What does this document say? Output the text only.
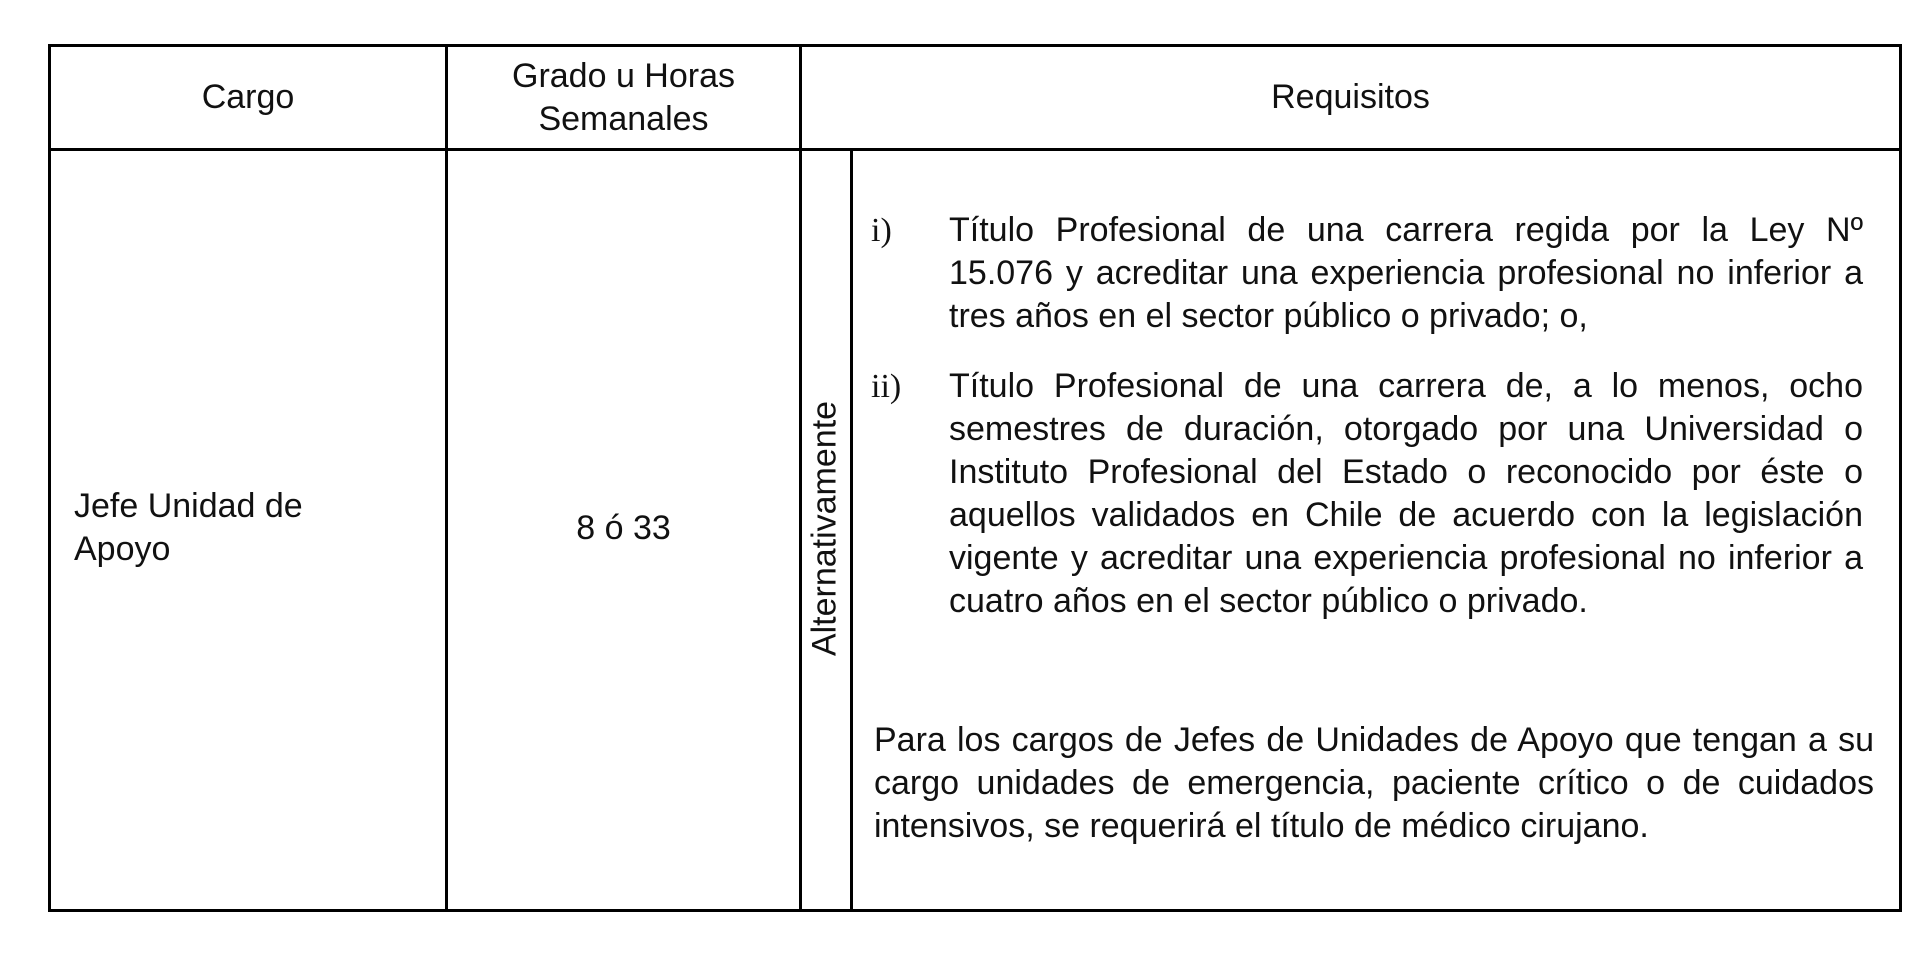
Cargo
Grado u Horas
Semanales
Requisitos
Jefe Unidad de
Apoyo
8 ó 33	Alternativamente
i) Título Profesional de una carrera regida por la Ley Nº 15.076 y acreditar una experiencia profesional no inferior a tres años en el sector público o privado; o,
ii) Título Profesional de una carrera de, a lo menos, ocho semestres de duración, otorgado por una Universidad o Instituto Profesional del Estado o reconocido por éste o aquellos validados en Chile de acuerdo con la legislación vigente y acreditar una experiencia profesional no inferior a cuatro años en el sector público o privado.
Para los cargos de Jefes de Unidades de Apoyo que tengan a su cargo unidades de emergencia, paciente crítico o de cuidados intensivos, se requerirá el título de médico cirujano.
